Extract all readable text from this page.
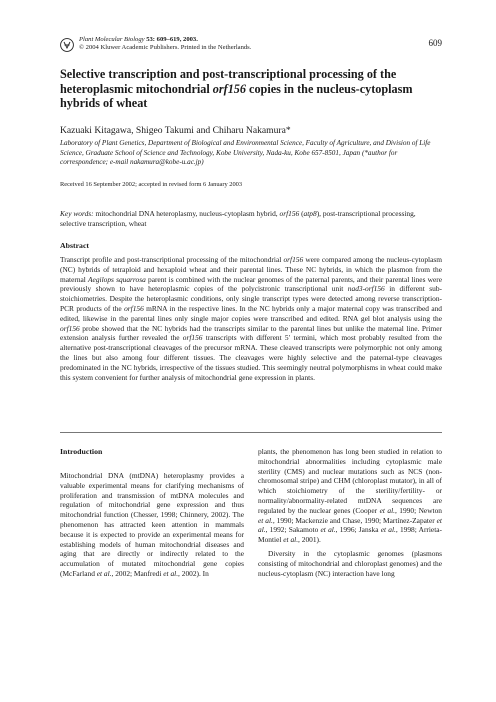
Plant Molecular Biology 53: 609–619, 2003.
© 2004 Kluwer Academic Publishers. Printed in the Netherlands.	609
Selective transcription and post-transcriptional processing of the heteroplasmic mitochondrial orf156 copies in the nucleus-cytoplasm hybrids of wheat

Kazuaki Kitagawa, Shigeo Takumi and Chiharu Nakamura*

Laboratory of Plant Genetics, Department of Biological and Environmental Science, Faculty of Agriculture, and Division of Life Science, Graduate School of Science and Technology, Kobe University, Nada-ku, Kobe 657-8501, Japan (*author for correspondence; e-mail nakamura@kobe-u.ac.jp)

Received 16 September 2002; accepted in revised form 6 January 2003

Key words: mitochondrial DNA heteroplasmy, nucleus-cytoplasm hybrid, orf156 (atp8), post-transcriptional processing, selective transcription, wheat

Abstract

Transcript profile and post-transcriptional processing of the mitochondrial orf156 were compared among the nucleus-cytoplasm (NC) hybrids of tetraploid and hexaploid wheat and their parental lines. These NC hybrids, in which the plasmon from the maternal Aegilops squarrosa parent is combined with the nuclear genomes of the paternal parents, and their parental lines were previously shown to have heteroplasmic copies of the polycistronic transcriptional unit nad3-orf156 in different sub-stoichiometries. Despite the heteroplasmic conditions, only single transcript types were detected among reverse transcription-PCR products of the orf156 mRNA in the respective lines. In the NC hybrids only a major maternal copy was transcribed and edited, likewise in the parental lines only single major copies were transcribed and edited. RNA gel blot analysis using the orf156 probe showed that the NC hybrids had the transcripts similar to the parental lines but unlike the maternal line. Primer extension analysis further revealed the orf156 transcripts with different 5′ termini, which most probably resulted from the alternative post-transcriptional cleavages of the precursor mRNA. These cleaved transcripts were polymorphic not only among the lines but also among four different tissues. The cleavages were highly selective and the paternal-type cleavages predominated in the NC hybrids, irrespective of the tissues studied. This seemingly neutral polymorphisms in wheat could make this system convenient for further analysis of mitochondrial gene expression in plants.

Introduction

Mitochondrial DNA (mtDNA) heteroplasmy provides a valuable experimental means for clarifying mechanisms of proliferation and transmission of mtDNA molecules and regulation of mitochondrial gene expression and thus mitochondrial function (Chesser, 1998; Chinnery, 2002). The phenomenon has attracted keen attention in mammals because it is expected to provide an experimental means for establishing models of human mitochondrial diseases and aging that are directly or indirectly related to the accumulation of mutated mitochondrial gene copies (McFarland et al., 2002; Manfredi et al., 2002). In

plants, the phenomenon has long been studied in relation to mitochondrial abnormalities including cytoplasmic male sterility (CMS) and nuclear mutations such as NCS (non-chromosomal stripe) and CHM (chloroplast mutator), in all of which stoichiometry of the sterility/fertility- or normality/abnormality-related mtDNA sequences are regulated by the nuclear genes (Cooper et al., 1990; Newton et al., 1990; Mackenzie and Chase, 1990; Martínez-Zapater et al., 1992; Sakamoto et al., 1996; Janska et al., 1998; Arrieta-Montiel et al., 2001).

Diversity in the cytoplasmic genomes (plasmons consisting of mitochondrial and chloroplast genomes) and the nucleus-cytoplasm (NC) interaction have long
